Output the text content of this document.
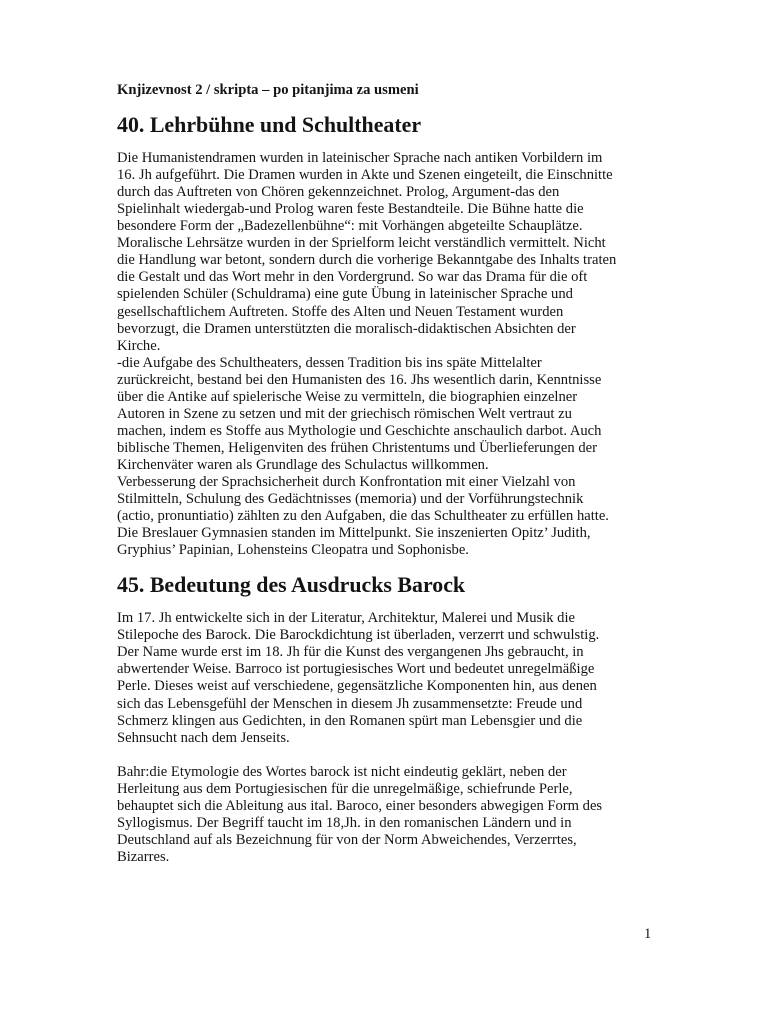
Knjizevnost 2 / skripta – po pitanjima za usmeni

40. Lehrbühne und Schultheater

Die Humanistendramen wurden in lateinischer Sprache nach antiken Vorbildern im
16. Jh aufgeführt. Die Dramen wurden in Akte und Szenen eingeteilt, die Einschnitte
durch das Auftreten von Chören gekennzeichnet. Prolog, Argument-das den
Spielinhalt wiedergab-und Prolog waren feste Bestandteile. Die Bühne hatte die
besondere Form der „Badezellenbühne“: mit Vorhängen abgeteilte Schauplätze.
Moralische Lehrsätze wurden in der Sprielform leicht verständlich vermittelt. Nicht
die Handlung war betont, sondern durch die vorherige Bekanntgabe des Inhalts traten
die Gestalt und das Wort mehr in den Vordergrund. So war das Drama für die oft
spielenden Schüler (Schuldrama) eine gute Übung in lateinischer Sprache und
gesellschaftlichem Auftreten. Stoffe des Alten und Neuen Testament wurden
bevorzugt, die Dramen unterstützten die moralisch-didaktischen Absichten der
Kirche.

-die Aufgabe des Schultheaters, dessen Tradition bis ins späte Mittelalter
zurückreicht, bestand bei den Humanisten des 16. Jhs wesentlich darin, Kenntnisse
über die Antike auf spielerische Weise zu vermitteln, die biographien einzelner
Autoren in Szene zu setzen und mit der griechisch römischen Welt vertraut zu
machen, indem es Stoffe aus Mythologie und Geschichte anschaulich darbot. Auch
biblische Themen, Heligenviten des frühen Christentums und Überlieferungen der
Kirchenväter waren als Grundlage des Schulactus willkommen.

Verbesserung der Sprachsicherheit durch Konfrontation mit einer Vielzahl von
Stilmitteln, Schulung des Gedächtnisses (memoria) und der Vorführungstechnik
(actio, pronuntiatio) zählten zu den Aufgaben, die das Schultheater zu erfüllen hatte.
Die Breslauer Gymnasien standen im Mittelpunkt. Sie inszenierten Opitz’ Judith,
Gryphius’ Papinian, Lohensteins Cleopatra und Sophonisbe.

45. Bedeutung des Ausdrucks Barock

Im 17. Jh entwickelte sich in der Literatur, Architektur, Malerei und Musik die
Stilepoche des Barock. Die Barockdichtung ist überladen, verzerrt und schwulstig.
Der Name wurde erst im 18. Jh für die Kunst des vergangenen Jhs gebraucht, in
abwertender Weise. Barroco ist portugiesisches Wort und bedeutet unregelmäßige
Perle. Dieses weist auf verschiedene, gegensätzliche Komponenten hin, aus denen
sich das Lebensgefühl der Menschen in diesem Jh zusammensetzte: Freude und
Schmerz klingen aus Gedichten, in den Romanen spürt man Lebensgier und die
Sehnsucht nach dem Jenseits.

Bahr:die Etymologie des Wortes barock ist nicht eindeutig geklärt, neben der
Herleitung aus dem Portugiesischen für die unregelmäßige, schiefrunde Perle,
behauptet sich die Ableitung aus ital. Baroco, einer besonders abwegigen Form des
Syllogismus. Der Begriff taucht im 18,Jh. in den romanischen Ländern und in
Deutschland auf als Bezeichnung für von der Norm Abweichendes, Verzerrtes,
Bizarres.

1
